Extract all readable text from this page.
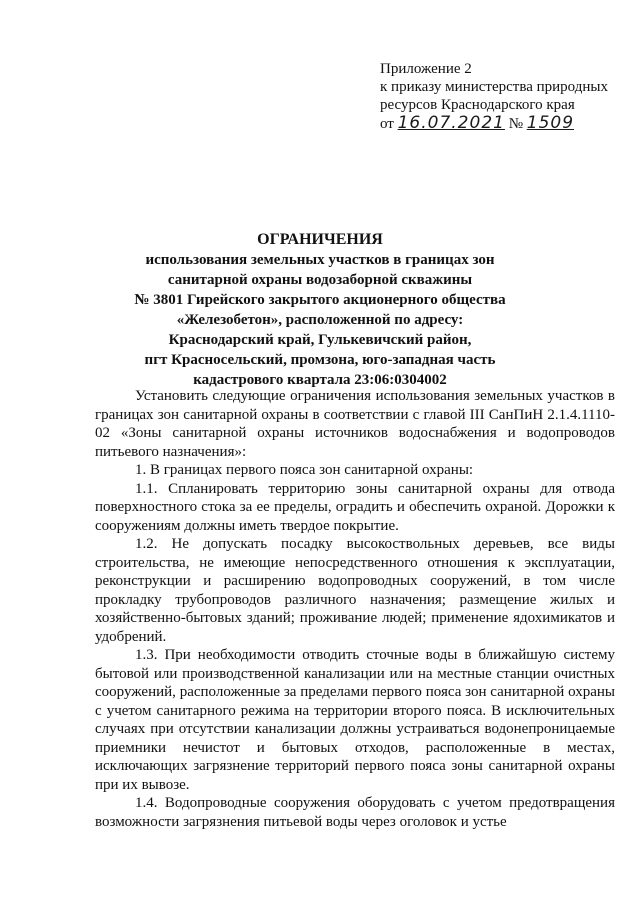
Приложение 2
к приказу министерства природных
ресурсов Краснодарского края
от 16.07.2021 № 1509
ОГРАНИЧЕНИЯ
использования земельных участков в границах зон
санитарной охраны водозаборной скважины
№ 3801 Гирейского закрытого акционерного общества
«Железобетон», расположенной по адресу:
Краснодарский край, Гулькевичский район,
пгт Красносельский, промзона, юго-западная часть
кадастрового квартала 23:06:0304002

Установить следующие ограничения использования земельных участков в границах зон санитарной охраны в соответствии с главой III СанПиН 2.1.4.1110-02 «Зоны санитарной охраны источников водоснабжения и водопроводов питьевого назначения»:

1. В границах первого пояса зон санитарной охраны:

1.1. Спланировать территорию зоны санитарной охраны для отвода поверхностного стока за ее пределы, оградить и обеспечить охраной. Дорожки к сооружениям должны иметь твердое покрытие.

1.2. Не допускать посадку высокоствольных деревьев, все виды строительства, не имеющие непосредственного отношения к эксплуатации, реконструкции и расширению водопроводных сооружений, в том числе прокладку трубопроводов различного назначения; размещение жилых и хозяйственно-бытовых зданий; проживание людей; применение ядохимикатов и удобрений.

1.3. При необходимости отводить сточные воды в ближайшую систему бытовой или производственной канализации или на местные станции очистных сооружений, расположенные за пределами первого пояса зон санитарной охраны с учетом санитарного режима на территории второго пояса. В исключительных случаях при отсутствии канализации должны устраиваться водонепроницаемые приемники нечистот и бытовых отходов, расположенные в местах, исключающих загрязнение территорий первого пояса зоны санитарной охраны при их вывозе.

1.4. Водопроводные сооружения оборудовать с учетом предотвращения возможности загрязнения питьевой воды через оголовок и устье
